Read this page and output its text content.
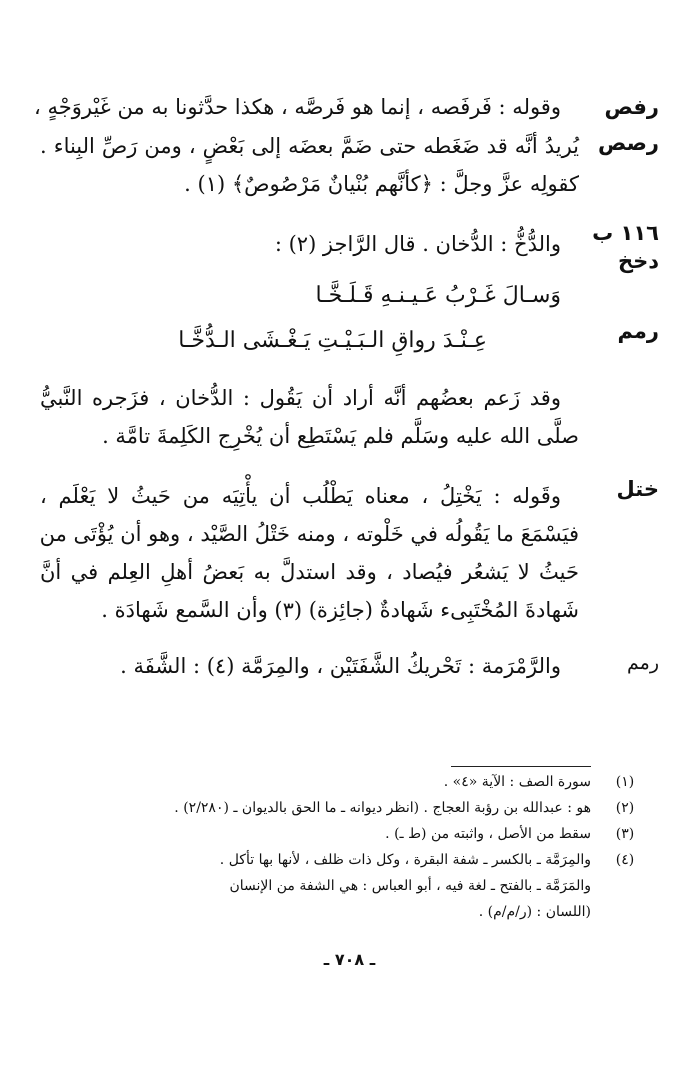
رفص
رصص
١١٦ ب
دخخ
رمم
ختل
رمم
وقوله : فَرفَصه ، إنما هو فَرصَّه ، هكذا حدَّثونا به من غَيْروَجْهٍ ،
يُريدُ أنَّه قد ضَغَطه حتى ضَمَّ بعضَه إلى بَعْضٍ ، ومن رَصِّ البِناء .
كقولِه عزَّ وجلَّ : ﴿كأنَّهم بُنْيانٌ مَرْصُوصٌ﴾ (١) .
والدُّخُّ : الدُّخان . قال الرَّاجز (٢) :
وَسـالَ غَـرْبُ عَـيـنـهِ قَـلَـخَّـا
عِـنْـدَ رواقِ الـبَـيْـتِ يَـغْـشَى الـدُّخَّـا
وقد زَعم بعضُهم أنَّه أراد أن يَقُول : الدُّخان ، فزَجره النَّبيُّ
صلَّى الله عليه وسَلَّم فلم يَسْتَطِع أن يُخْرِج الكَلِمةَ تامَّة .
وقَوله : يَخْتِلُ ، معناه يَطْلُب أن يأْتِيَه من حَيثُ لا يَعْلَم ،
فيَسْمَعَ ما يَقُولُه في خَلْوته ، ومنه خَتْلُ الصَّيْد ، وهو أن يُؤْتَى من
حَيثُ لا يَشعُر فيُصاد ، وقد استدلَّ به بَعضُ أهلِ العِلم في أنَّ
شَهادةَ المُخْتَبِىء شَهادةٌ (جائِزة) (٣) وأن السَّمع شَهادَة .
والرَّمْرَمة : تَحْريكُ الشَّفَتَيْن ، والمِرَمَّة (٤) : الشَّفَة .
(١)
سورة الصف : الآية «٤» .
(٢)
هو : عبدالله بن رؤبة العجاج . (انظر ديوانه ـ ما الحق بالديوان ـ (٢/٢٨٠) .
(٣)
سقط من الأصل ، واثبته من (ط ـ) .
(٤)
والمِرَمَّة ـ بالكسر ـ شفة البقرة ، وكل ذات ظلف ، لأنها بها تأكل .
والمَرَمَّة ـ بالفتح ـ لغة فيه ، أبو العباس : هي الشفة من الإنسان
(اللسان : (ر/م/م) .
ـ ٧٠٨ ـ
